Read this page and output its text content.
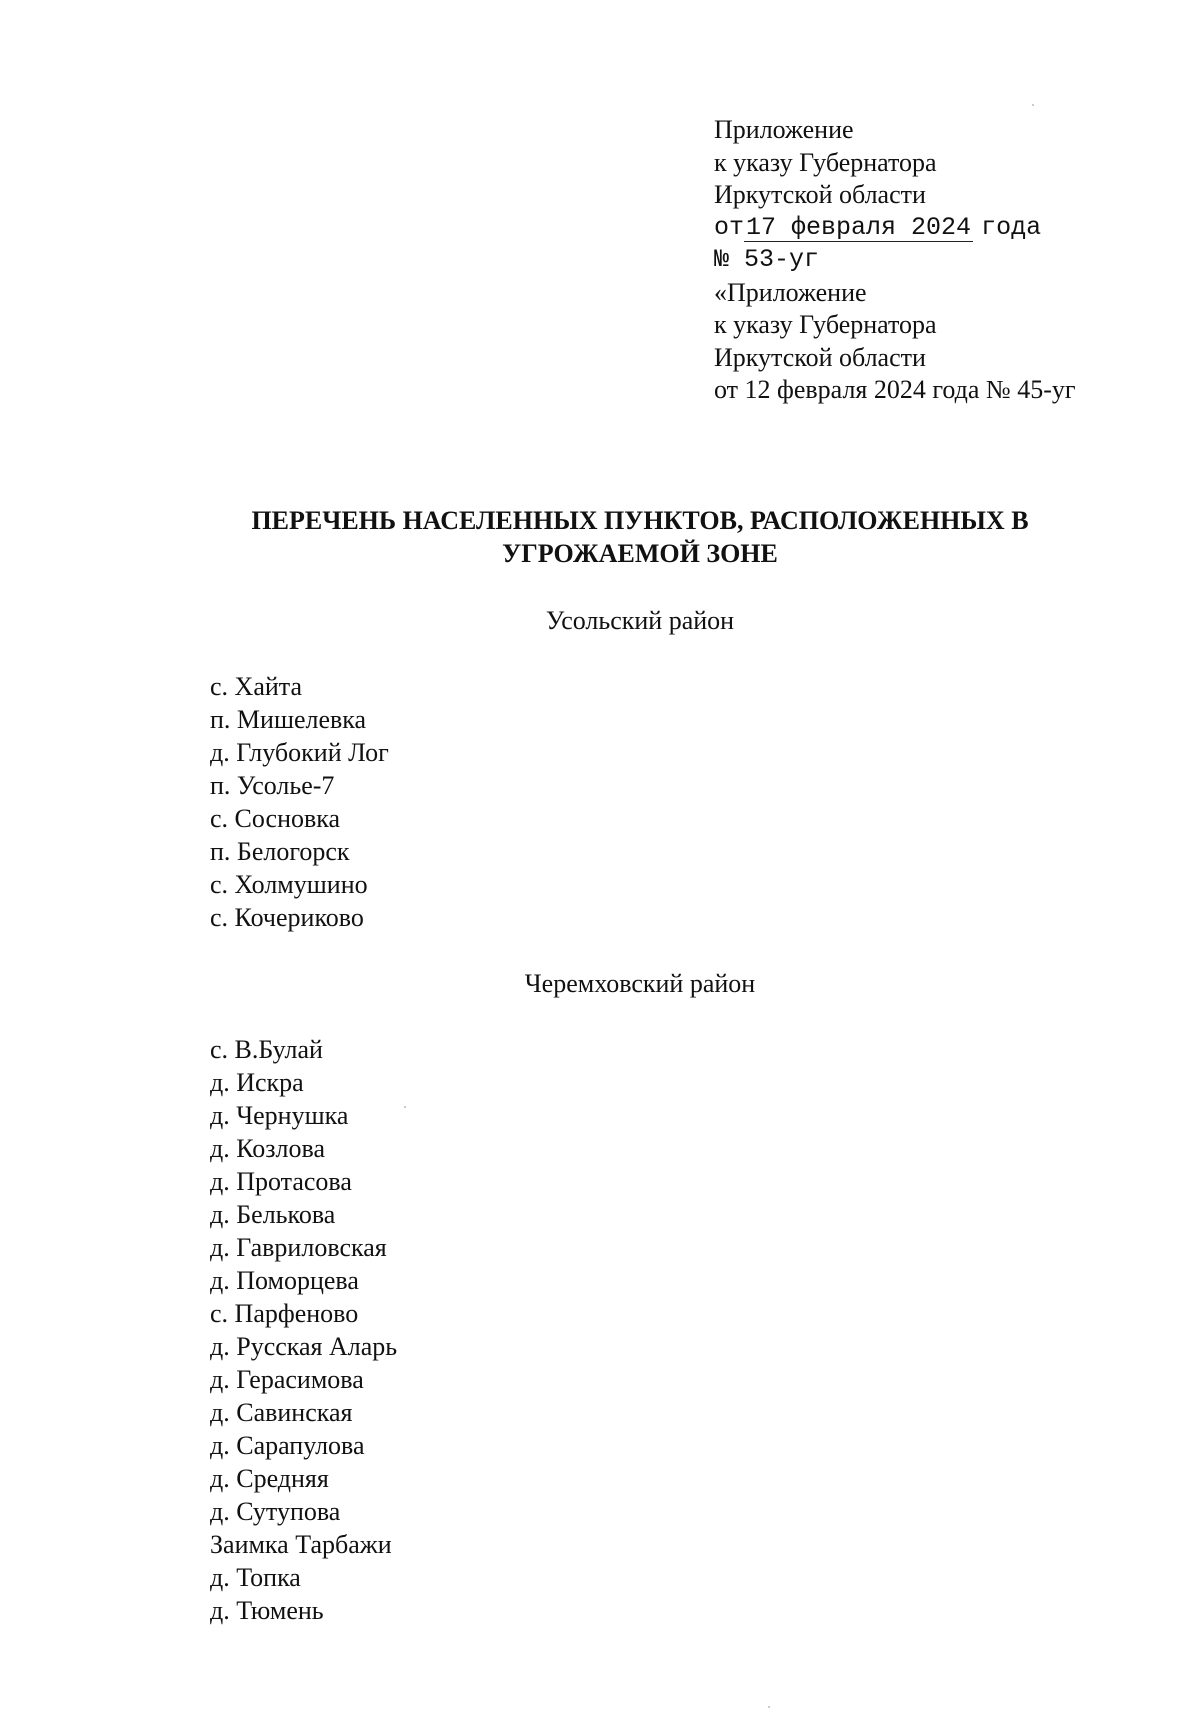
Приложение
к указу Губернатора
Иркутской области
от17 февраля 2024 года
№ 53-уг
«Приложение
к указу Губернатора
Иркутской области
от 12 февраля 2024 года № 45-уг
ПЕРЕЧЕНЬ НАСЕЛЕННЫХ ПУНКТОВ, РАСПОЛОЖЕННЫХ В
УГРОЖАЕМОЙ ЗОНЕ
Усольский район
с. Хайта
п. Мишелевка
д. Глубокий Лог
п. Усолье-7
с. Сосновка
п. Белогорск
с. Холмушино
с. Кочериково
Черемховский район
с. В.Булай
д. Искра
д. Чернушка
д. Козлова
д. Протасова
д. Белькова
д. Гавриловская
д. Поморцева
с. Парфеново
д. Русская Аларь
д. Герасимова
д. Савинская
д. Сарапулова
д. Средняя
д. Сутупова
Заимка Тарбажи
д. Топка
д. Тюмень
